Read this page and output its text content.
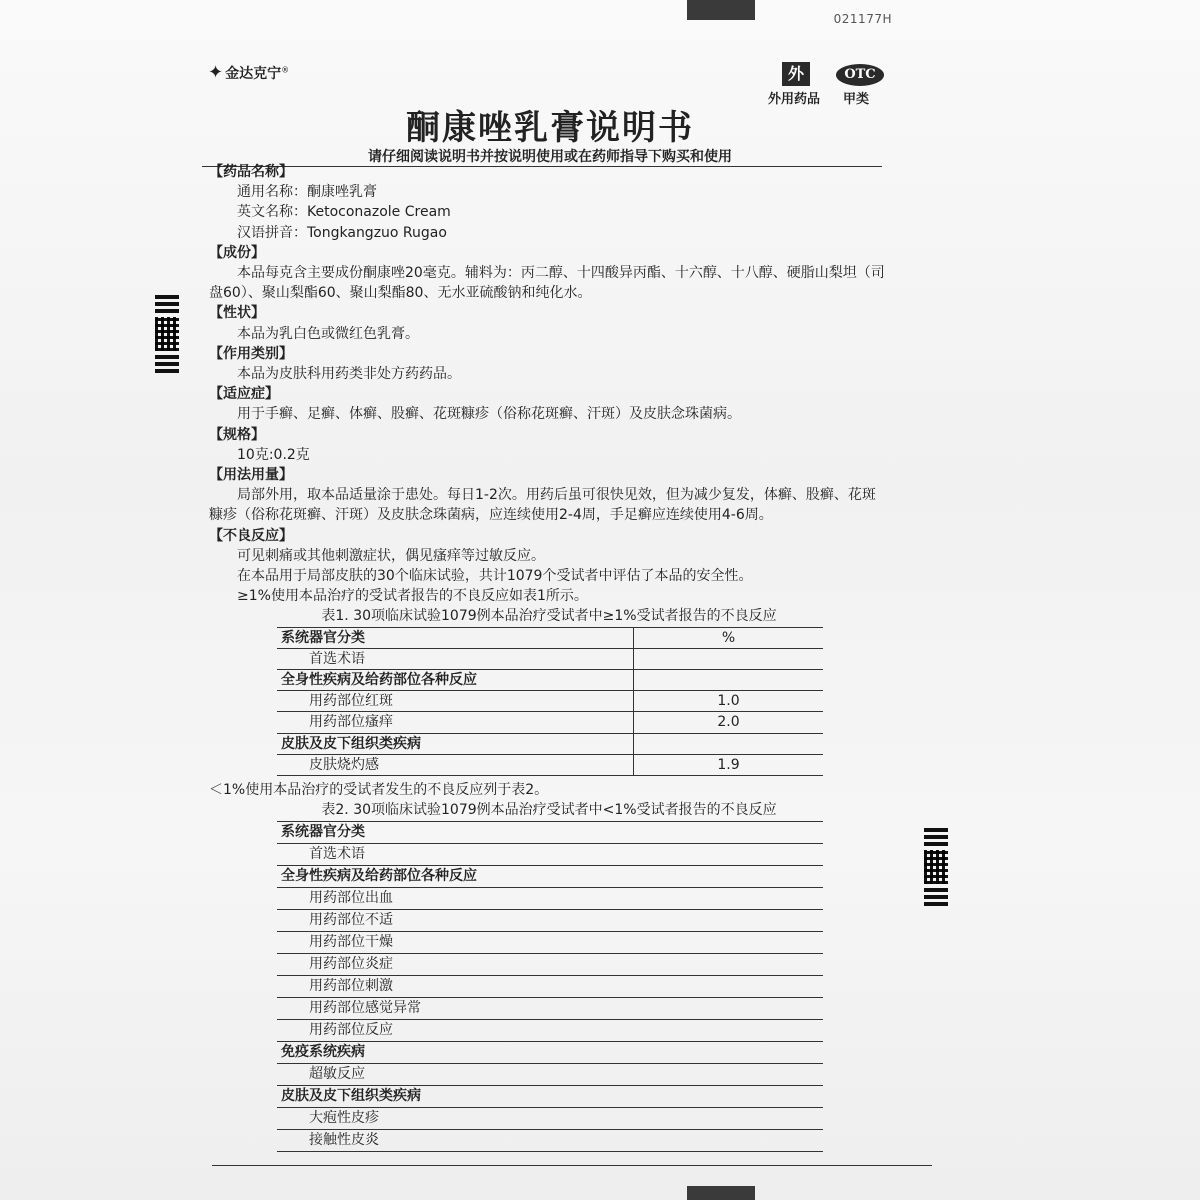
021177H
✦ 金达克宁®	外	OTC
外用药品 甲类
酮康唑乳膏说明书
请仔细阅读说明书并按说明使用或在药师指导下购买和使用
【药品名称】
通用名称：酮康唑乳膏
英文名称：Ketoconazole Cream
汉语拼音：Tongkangzuo Rugao
【成份】
本品每克含主要成份酮康唑20毫克。辅料为：丙二醇、十四酸异丙酯、十六醇、十八醇、硬脂山梨坦（司盘60）、聚山梨酯60、聚山梨酯80、无水亚硫酸钠和纯化水。
【性状】
本品为乳白色或微红色乳膏。
【作用类别】
本品为皮肤科用药类非处方药药品。
【适应症】
用于手癣、足癣、体癣、股癣、花斑糠疹（俗称花斑癣、汗斑）及皮肤念珠菌病。
【规格】
10克:0.2克
【用法用量】
局部外用，取本品适量涂于患处。每日1-2次。用药后虽可很快见效，但为减少复发，体癣、股癣、花斑糠疹（俗称花斑癣、汗斑）及皮肤念珠菌病，应连续使用2-4周，手足癣应连续使用4-6周。
【不良反应】
可见刺痛或其他刺激症状，偶见瘙痒等过敏反应。
在本品用于局部皮肤的30个临床试验，共计1079个受试者中评估了本品的安全性。
≥1%使用本品治疗的受试者报告的不良反应如表1所示。
表1. 30项临床试验1079例本品治疗受试者中≥1%受试者报告的不良反应
系统器官分类	%
首选术语	
全身性疾病及给药部位各种反应	
用药部位红斑	1.0
用药部位瘙痒	2.0
皮肤及皮下组织类疾病	
皮肤烧灼感	1.9
＜1%使用本品治疗的受试者发生的不良反应列于表2。
表2. 30项临床试验1079例本品治疗受试者中<1%受试者报告的不良反应
系统器官分类
首选术语
全身性疾病及给药部位各种反应
用药部位出血
用药部位不适
用药部位干燥
用药部位炎症
用药部位刺激
用药部位感觉异常
用药部位反应
免疫系统疾病
超敏反应
皮肤及皮下组织类疾病
大疱性皮疹
接触性皮炎
